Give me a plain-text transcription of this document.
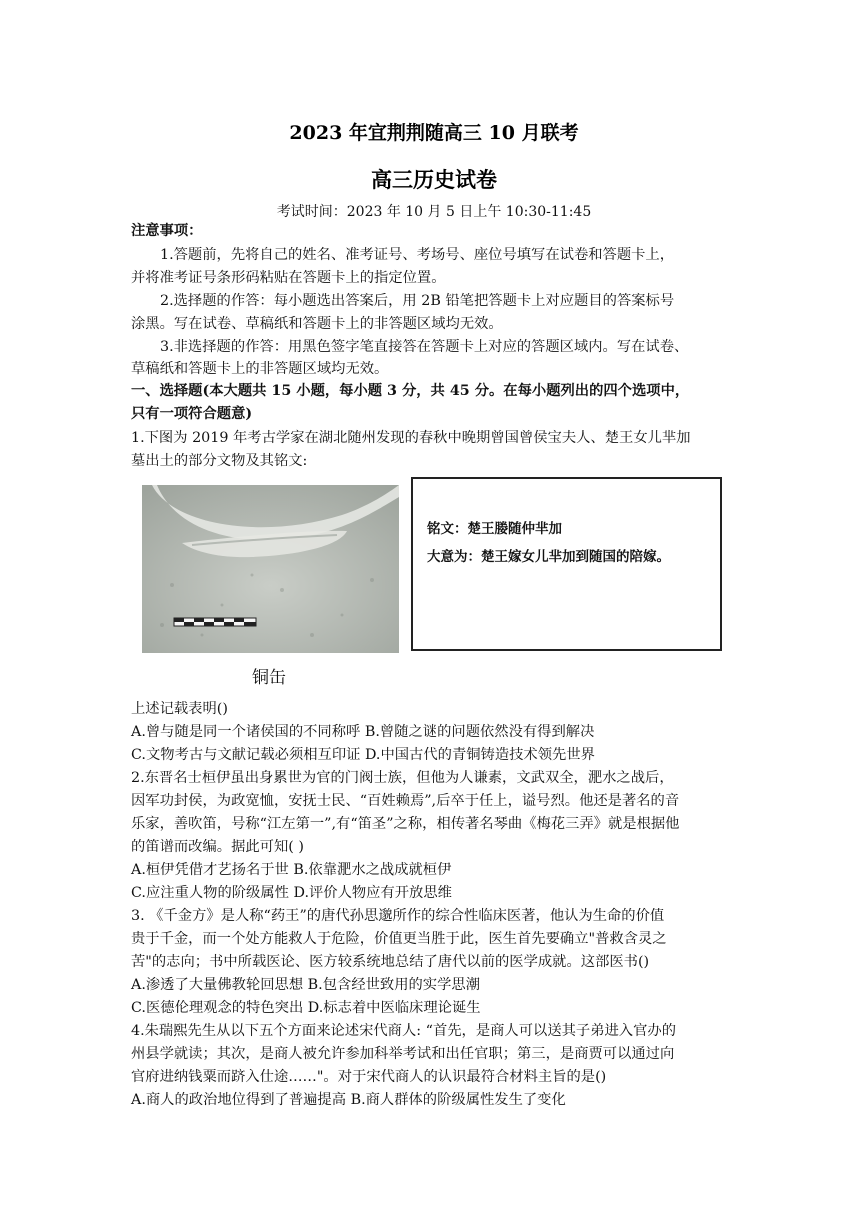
2023 年宜荆荆随高三 10 月联考
高三历史试卷
考试时间：2023 年 10 月 5 日上午 10:30-11:45
注意事项：
1.答题前，先将自己的姓名、准考证号、考场号、座位号填写在试卷和答题卡上，
并将准考证号条形码粘贴在答题卡上的指定位置。
2.选择题的作答：每小题选出答案后，用 2B 铅笔把答题卡上对应题目的答案标号
涂黑。写在试卷、草稿纸和答题卡上的非答题区域均无效。
3.非选择题的作答：用黑色签字笔直接答在答题卡上对应的答题区域内。写在试卷、
草稿纸和答题卡上的非答题区域均无效。
一、选择题(本大题共 15 小题，每小题 3 分，共 45 分。在每小题列出的四个选项中，
只有一项符合题意)
1.下图为 2019 年考古学家在湖北随州发现的春秋中晚期曾国曾侯宝夫人、楚王女儿芈加
墓出土的部分文物及其铭文:
铜缶
铭文：楚王媵随仲芈加
大意为：楚王嫁女儿芈加到随国的陪嫁。
上述记载表明()
A.曾与随是同一个诸侯国的不同称呼 B.曾随之谜的问题依然没有得到解决
C.文物考古与文献记载必须相互印证 D.中国古代的青铜铸造技术领先世界
2.东晋名士桓伊虽出身累世为官的门阀士族，但他为人谦素，文武双全，淝水之战后，
因军功封侯，为政宽恤，安抚士民、“百姓赖焉”,后卒于任上，谥号烈。他还是著名的音
乐家，善吹笛，号称“江左第一”,有“笛圣”之称，相传著名琴曲《梅花三弄》就是根据他
的笛谱而改编。据此可知( )
A.桓伊凭借才艺扬名于世 B.依靠淝水之战成就桓伊
C.应注重人物的阶级属性 D.评价人物应有开放思维
3. 《千金方》是人称“药王”的唐代孙思邈所作的综合性临床医著，他认为生命的价值
贵于千金，而一个处方能救人于危险，价值更当胜于此，医生首先要确立"普救含灵之
苦"的志向；书中所载医论、医方较系统地总结了唐代以前的医学成就。这部医书()
A.渗透了大量佛教轮回思想 B.包含经世致用的实学思潮
C.医德伦理观念的特色突出 D.标志着中医临床理论诞生
4.朱瑞熙先生从以下五个方面来论述宋代商人: “首先，是商人可以送其子弟进入官办的
州县学就读；其次，是商人被允许参加科举考试和出任官职；第三，是商贾可以通过向
官府进纳钱粟而跻入仕途……"。对于宋代商人的认识最符合材料主旨的是()
A.商人的政治地位得到了普遍提高 B.商人群体的阶级属性发生了变化
